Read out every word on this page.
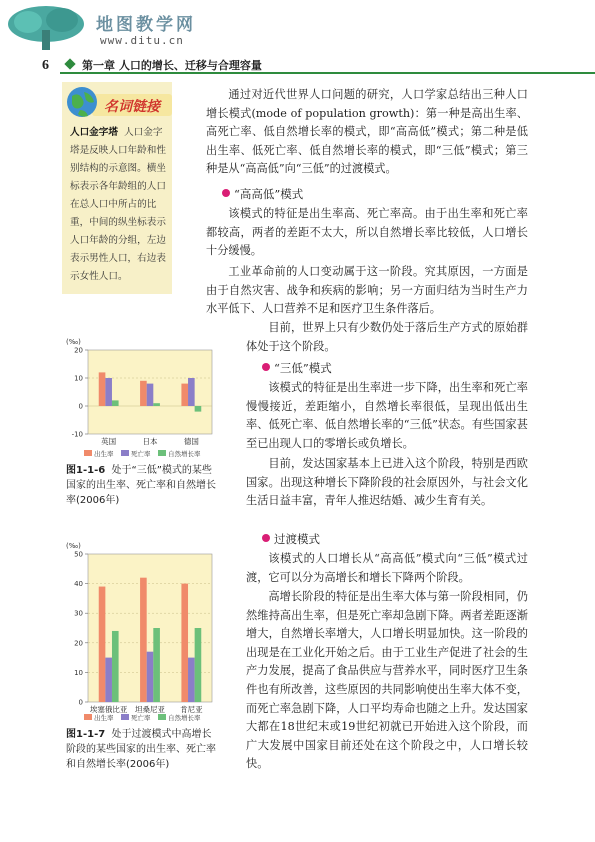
地图教学网
www.ditu.cn
6	第一章 人口的增长、迁移与合理容量
名词链接
人口金字塔 人口金字塔是反映人口年龄和性别结构的示意图。横坐标表示各年龄组的人口在总人口中所占的比重，中间的纵坐标表示人口年龄的分组，左边表示男性人口，右边表示女性人口。
通过对近代世界人口问题的研究，人口学家总结出三种人口增长模式(mode of population growth)：第一种是高出生率、高死亡率、低自然增长率的模式，即“高高低”模式；第二种是低出生率、低死亡率、低自然增长率的模式，即“三低”模式；第三种是从“高高低”向“三低”的过渡模式。
“高高低”模式
该模式的特征是出生率高、死亡率高。由于出生率和死亡率都较高，两者的差距不太大，所以自然增长率比较低，人口增长十分缓慢。
工业革命前的人口变动属于这一阶段。究其原因，一方面是由于自然灾害、战争和疾病的影响；另一方面归结为当时生产力水平低下、人口营养不足和医疗卫生条件落后。
目前，世界上只有少数仍处于落后生产方式的原始群体处于这个阶段。
“三低”模式
该模式的特征是出生率进一步下降，出生率和死亡率慢慢接近，差距缩小，自然增长率很低，呈现出低出生率、低死亡率、低自然增长率的“三低”状态。有些国家甚至已出现人口的零增长或负增长。
目前，发达国家基本上已进入这个阶段，特别是西欧国家。出现这种增长下降阶段的社会原因外，与社会文化生活日益丰富，青年人推迟结婚、减少生育有关。
过渡模式
该模式的人口增长从“高高低”模式向“三低”模式过渡，它可以分为高增长和增长下降两个阶段。
高增长阶段的特征是出生率大体与第一阶段相同，仍然维持高出生率，但是死亡率却急剧下降。两者差距逐渐增大，自然增长率增大，人口增长明显加快。这一阶段的出现是在工业化开始之后。由于工业生产促进了社会的生产力发展，提高了食品供应与营养水平，同时医疗卫生条件也有所改善，这些原因的共同影响使出生率大体不变，而死亡率急剧下降，人口平均寿命也随之上升。发达国家大都在18世纪末或19世纪初就已开始进入这个阶段，而广大发展中国家目前还处在这个阶段之中，人口增长较快。
(‰)
-10
0
10
20
英国	日本	德国
出生率	死亡率	自然增长率
图1-1-6 处于“三低”模式的某些国家的出生率、死亡率和自然增长率(2006年)
(‰)
0
10
20
30
40
50
埃塞俄比亚 坦桑尼亚 肯尼亚
出生率	死亡率	自然增长率
图1-1-7 处于过渡模式中高增长阶段的某些国家的出生率、死亡率和自然增长率(2006年)
